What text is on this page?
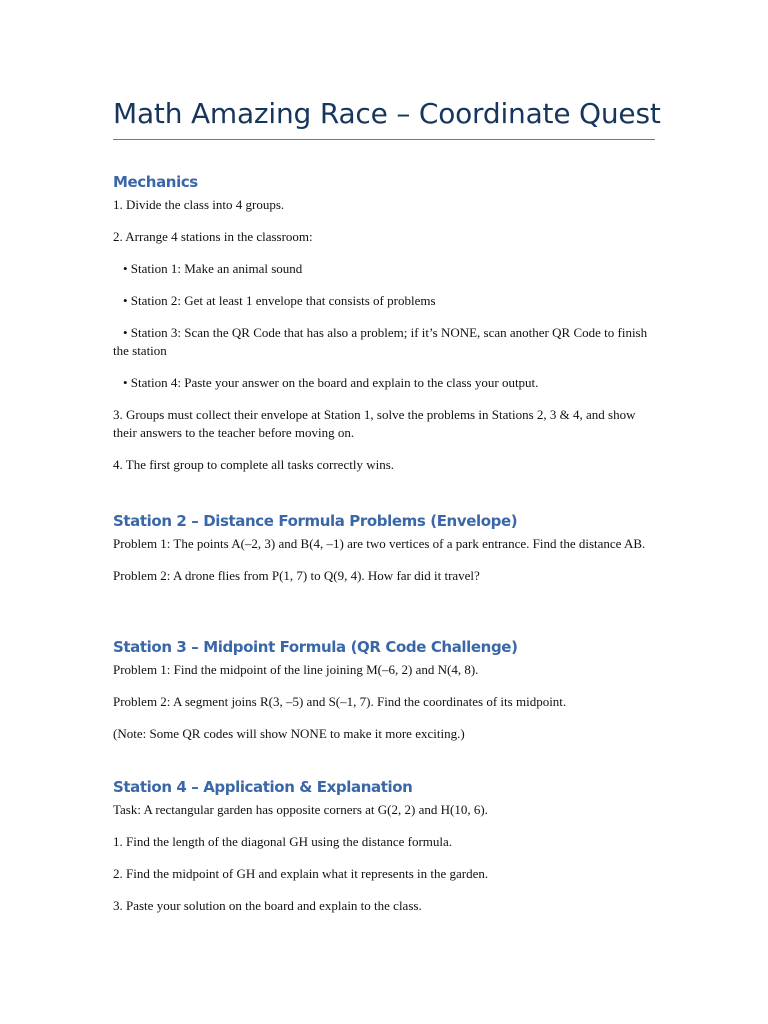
Math Amazing Race – Coordinate Quest
Mechanics

1. Divide the class into 4 groups.

2. Arrange 4 stations in the classroom:

• Station 1: Make an animal sound

• Station 2: Get at least 1 envelope that consists of problems

• Station 3: Scan the QR Code that has also a problem; if it’s NONE, scan another QR Code to finish the station

• Station 4: Paste your answer on the board and explain to the class your output.

3. Groups must collect their envelope at Station 1, solve the problems in Stations 2, 3 & 4, and show their answers to the teacher before moving on.

4. The first group to complete all tasks correctly wins.

Station 2 – Distance Formula Problems (Envelope)

Problem 1: The points A(–2, 3) and B(4, –1) are two vertices of a park entrance. Find the distance AB.

Problem 2: A drone flies from P(1, 7) to Q(9, 4). How far did it travel?

Station 3 – Midpoint Formula (QR Code Challenge)

Problem 1: Find the midpoint of the line joining M(–6, 2) and N(4, 8).

Problem 2: A segment joins R(3, –5) and S(–1, 7). Find the coordinates of its midpoint.

(Note: Some QR codes will show NONE to make it more exciting.)

Station 4 – Application & Explanation

Task: A rectangular garden has opposite corners at G(2, 2) and H(10, 6).

1. Find the length of the diagonal GH using the distance formula.

2. Find the midpoint of GH and explain what it represents in the garden.

3. Paste your solution on the board and explain to the class.
